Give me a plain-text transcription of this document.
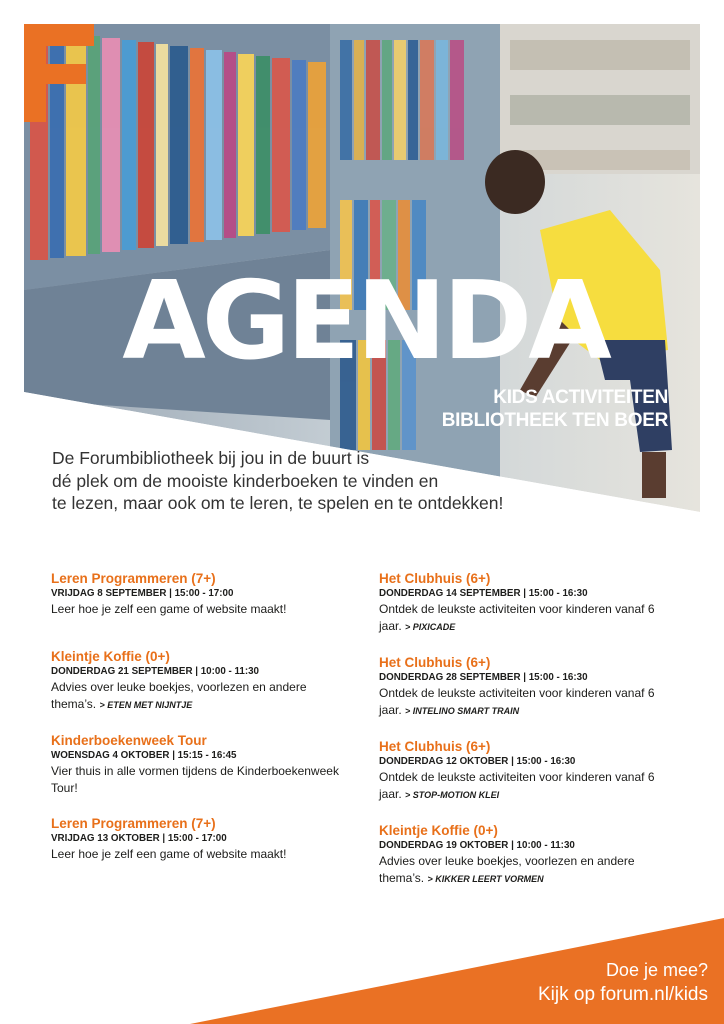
AGENDA
KIDS ACTIVITEITEN
BIBLIOTHEEK TEN BOER
De Forumbibliotheek bij jou in de buurt is
dé plek om de mooiste kinderboeken te vinden en
te lezen, maar ook om te leren, te spelen en te ontdekken!
Leren Programmeren (7+)
VRIJDAG 8 SEPTEMBER | 15:00 - 17:00
Leer hoe je zelf een game of website maakt!
Kleintje Koffie (0+)
DONDERDAG 21 SEPTEMBER | 10:00 - 11:30
Advies over leuke boekjes, voorlezen en andere thema’s. > ETEN MET NIJNTJE
Kinderboekenweek Tour
WOENSDAG 4 OKTOBER | 15:15 - 16:45
Vier thuis in alle vormen tijdens de Kinderboekenweek Tour!
Leren Programmeren (7+)
VRIJDAG 13 OKTOBER | 15:00 - 17:00
Leer hoe je zelf een game of website maakt!
Het Clubhuis (6+)
DONDERDAG 14 SEPTEMBER | 15:00 - 16:30
Ontdek de leukste activiteiten voor kinderen vanaf 6 jaar. > PIXICADE
Het Clubhuis (6+)
DONDERDAG 28 SEPTEMBER | 15:00 - 16:30
Ontdek de leukste activiteiten voor kinderen vanaf 6 jaar. > INTELINO SMART TRAIN
Het Clubhuis (6+)
DONDERDAG 12 OKTOBER | 15:00 - 16:30
Ontdek de leukste activiteiten voor kinderen vanaf 6 jaar. > STOP-MOTION KLEI
Kleintje Koffie (0+)
DONDERDAG 19 OKTOBER | 10:00 - 11:30
Advies over leuke boekjes, voorlezen en andere thema’s. > KIKKER LEERT VORMEN
Doe je mee?
Kijk op forum.nl/kids
